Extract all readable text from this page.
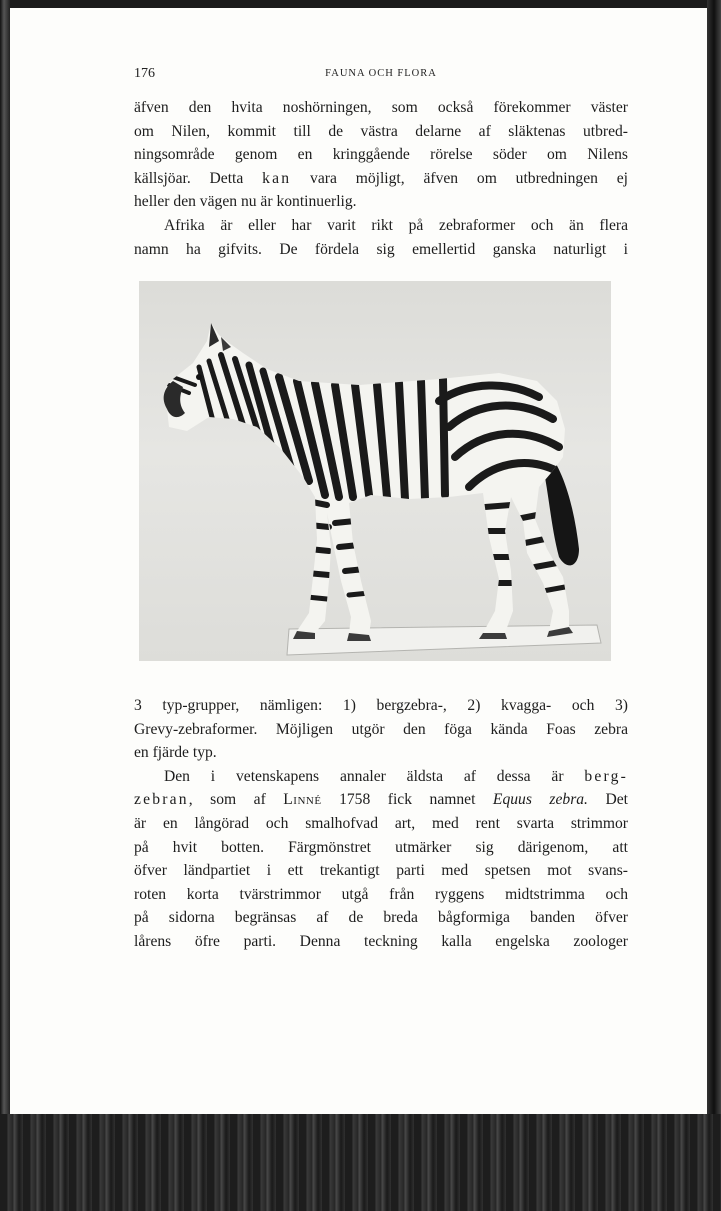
176	FAUNA OCH FLORA
äfven den hvita noshörningen, som också förekommer väster
om Nilen, kommit till de västra delarne af släktenas utbred-
ningsområde genom en kringgående rörelse söder om Nilens
källsjöar. Detta kan vara möjligt, äfven om utbredningen ej
heller den vägen nu är kontinuerlig.
Afrika är eller har varit rikt på zebraformer och än flera
namn ha gifvits. De fördela sig emellertid ganska naturligt i
3 typ-grupper, nämligen: 1) bergzebra-, 2) kvagga- och 3)
Grevy-zebraformer. Möjligen utgör den föga kända Foas zebra
en fjärde typ.
Den i vetenskapens annaler äldsta af dessa är berg-
zebran, som af Linné 1758 fick namnet Equus zebra. Det
är en långörad och smalhofvad art, med rent svarta strimmor
på hvit botten. Färgmönstret utmärker sig därigenom, att
öfver ländpartiet i ett trekantigt parti med spetsen mot svans-
roten korta tvärstrimmor utgå från ryggens midtstrimma och
på sidorna begränsas af de breda bågformiga banden öfver
lårens öfre parti. Denna teckning kalla engelska zoologer
